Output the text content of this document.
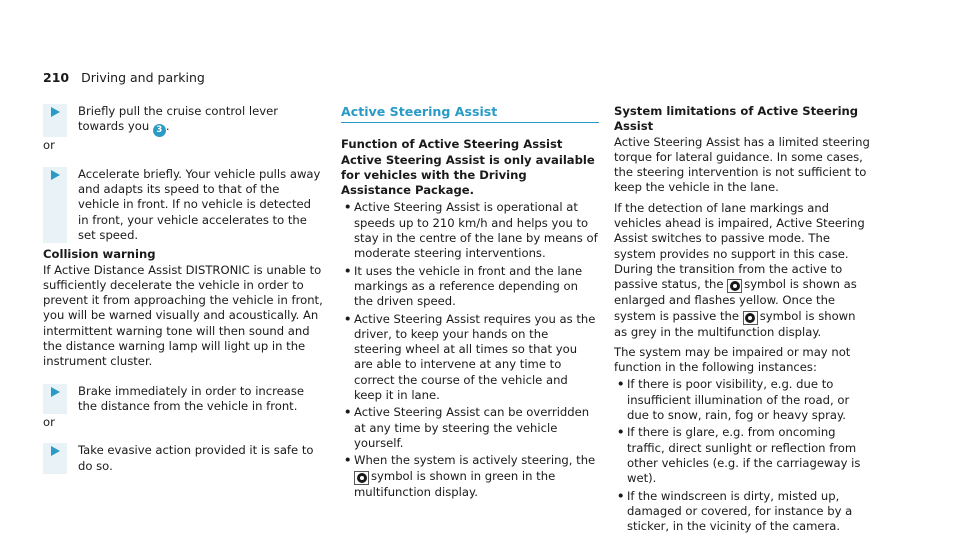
210 Driving and parking
Briefly pull the cruise control lever towards you 3 .
or
Accelerate briefly. Your vehicle pulls away and adapts its speed to that of the vehicle in front. If no vehicle is detected in front, your vehicle accelerates to the set speed.
Collision warning
If Active Distance Assist DISTRONIC is unable to sufficiently decelerate the vehicle in order to prevent it from approaching the vehicle in front, you will be warned visually and acoustically. An intermittent warning tone will then sound and the distance warning lamp will light up in the instrument cluster.
Brake immediately in order to increase the distance from the vehicle in front.
or
Take evasive action provided it is safe to do so.
Active Steering Assist
Function of Active Steering Assist
Active Steering Assist is only available for vehicles with the Driving Assistance Package.
• Active Steering Assist is operational at speeds up to 210 km/h and helps you to stay in the centre of the lane by means of moderate steering interventions.
• It uses the vehicle in front and the lane markings as a reference depending on the driven speed.
• Active Steering Assist requires you as the driver, to keep your hands on the steering wheel at all times so that you are able to intervene at any time to correct the course of the vehicle and keep it in lane.
• Active Steering Assist can be overridden at any time by steering the vehicle yourself.
• When the system is actively steering, the
symbol is shown in green in the multifunction display.
System limitations of Active Steering Assist
Active Steering Assist has a limited steering torque for lateral guidance. In some cases, the steering intervention is not sufficient to keep the vehicle in the lane.
If the detection of lane markings and vehicles ahead is impaired, Active Steering Assist switches to passive mode. The system provides no support in this case. During the transition from the active to passive status, the
symbol is shown as enlarged and flashes yellow. Once the system is passive the
symbol is shown as grey in the multifunction display.
The system may be impaired or may not function in the following instances:
• If there is poor visibility, e.g. due to insufficient illumination of the road, or due to snow, rain, fog or heavy spray.
• If there is glare, e.g. from oncoming traffic, direct sunlight or reflection from other vehicles (e.g. if the carriageway is wet).
• If the windscreen is dirty, misted up, damaged or covered, for instance by a sticker, in the vicinity of the camera.
